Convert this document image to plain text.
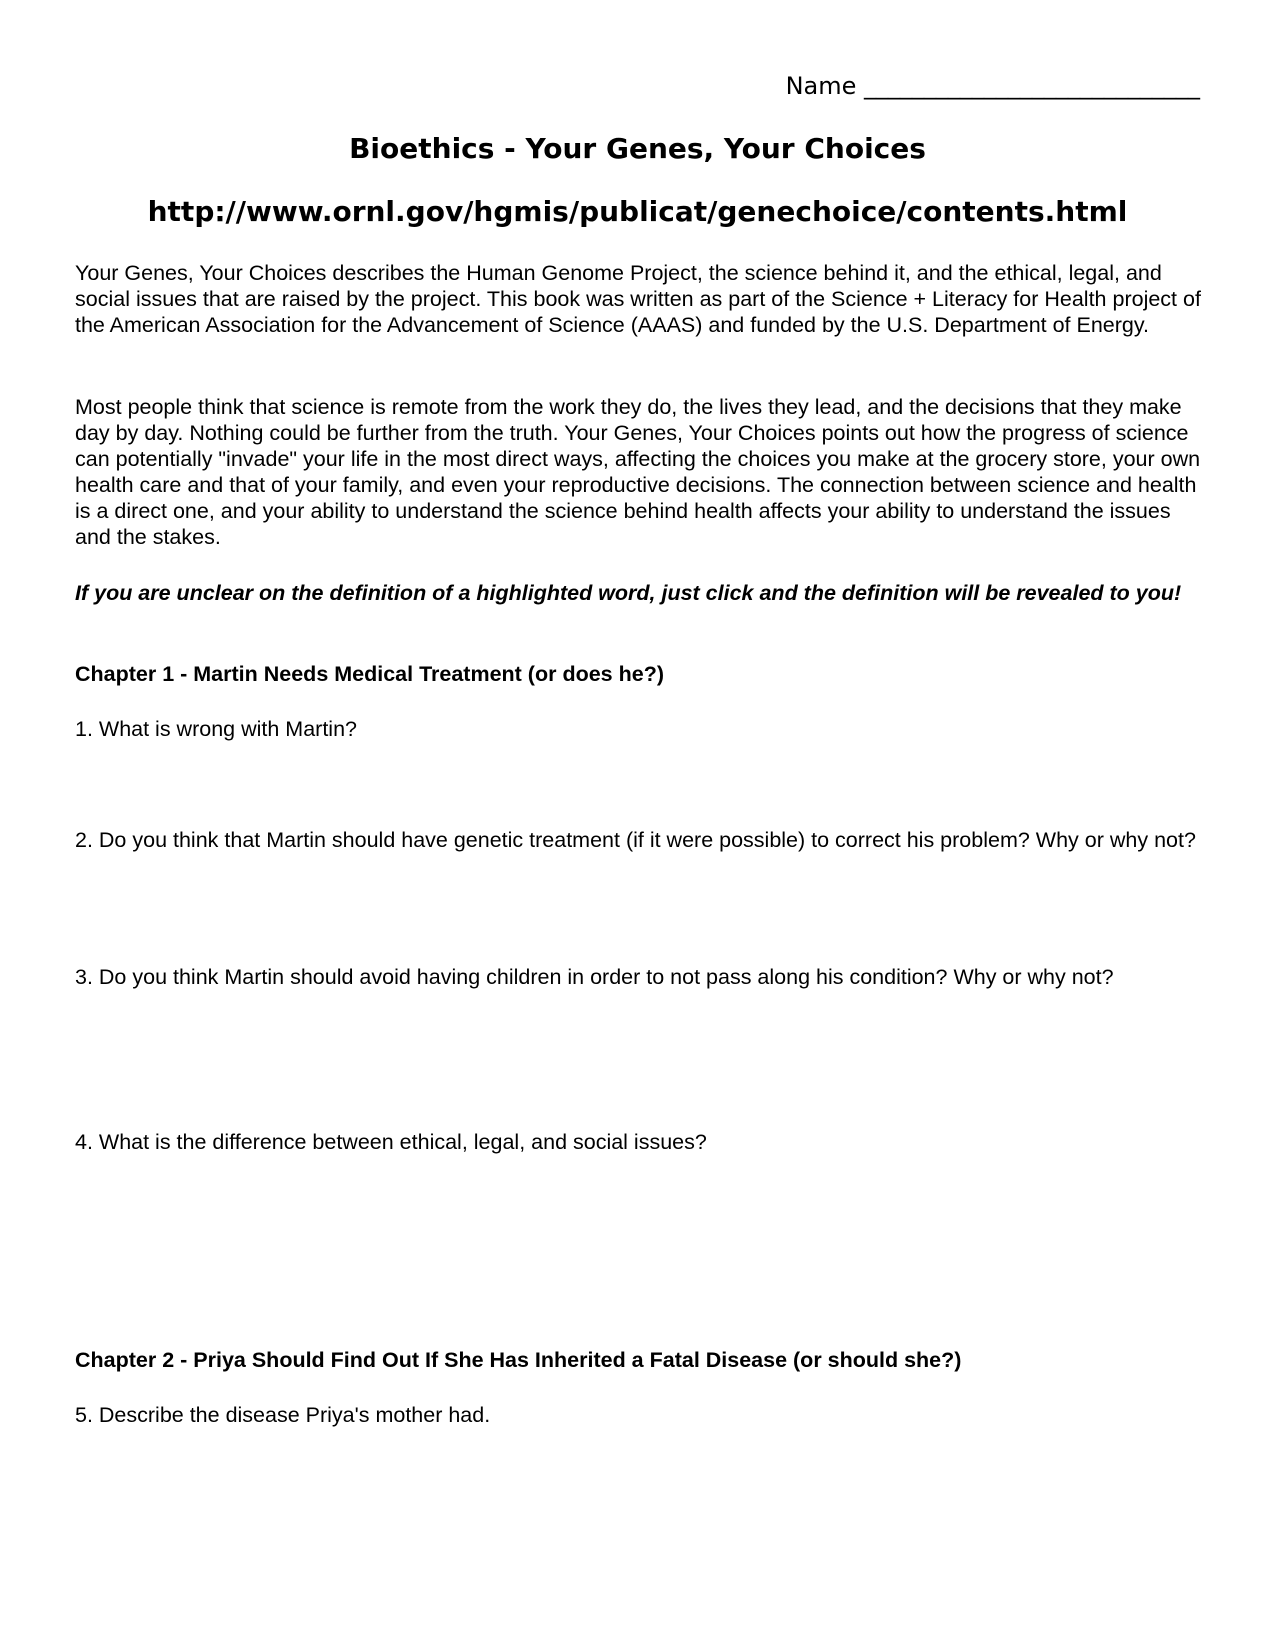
Name ____________________________
Bioethics - Your Genes, Your Choices
http://www.ornl.gov/hgmis/publicat/genechoice/contents.html
Your Genes, Your Choices describes the Human Genome Project, the science behind it, and the ethical, legal, and social issues that are raised by the project. This book was written as part of the Science + Literacy for Health project of the American Association for the Advancement of Science (AAAS) and funded by the U.S. Department of Energy.
Most people think that science is remote from the work they do, the lives they lead, and the decisions that they make day by day. Nothing could be further from the truth. Your Genes, Your Choices points out how the progress of science can potentially "invade" your life in the most direct ways, affecting the choices you make at the grocery store, your own health care and that of your family, and even your reproductive decisions. The connection between science and health is a direct one, and your ability to understand the science behind health affects your ability to understand the issues and the stakes.
If you are unclear on the definition of a highlighted word, just click and the definition will be revealed to you!
Chapter 1 - Martin Needs Medical Treatment (or does he?)
1. What is wrong with Martin?
2. Do you think that Martin should have genetic treatment (if it were possible) to correct his problem? Why or why not?
3. Do you think Martin should avoid having children in order to not pass along his condition? Why or why not?
4. What is the difference between ethical, legal, and social issues?
Chapter 2 - Priya Should Find Out If She Has Inherited a Fatal Disease (or should she?)
5. Describe the disease Priya's mother had.
